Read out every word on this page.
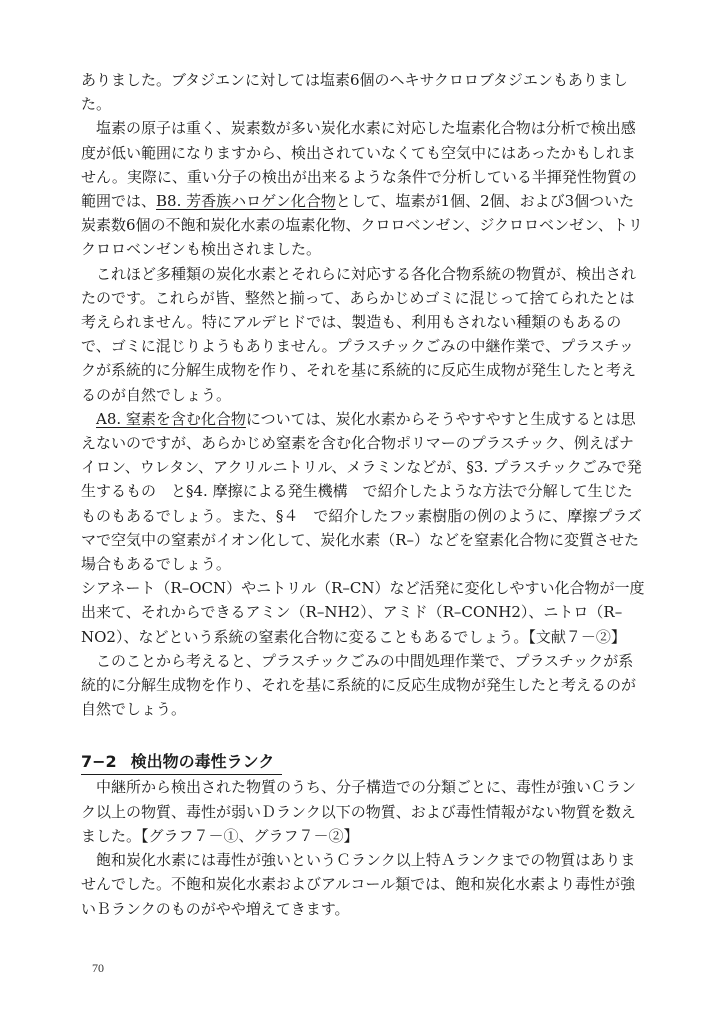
ありました。ブタジエンに対しては塩素6個のヘキサクロロブタジエンもありました。

塩素の原子は重く、炭素数が多い炭化水素に対応した塩素化合物は分析で検出感度が低い範囲になりますから、検出されていなくても空気中にはあったかもしれません。実際に、重い分子の検出が出来るような条件で分析している半揮発性物質の範囲では、B8. 芳香族ハロゲン化合物として、塩素が1個、2個、および3個ついた炭素数6個の不飽和炭化水素の塩素化物、クロロベンゼン、ジクロロベンゼン、トリクロロベンゼンも検出されました。

これほど多種類の炭化水素とそれらに対応する各化合物系統の物質が、検出されたのです。これらが皆、整然と揃って、あらかじめゴミに混じって捨てられたとは考えられません。特にアルデヒドでは、製造も、利用もされない種類のもあるので、ゴミに混じりようもありません。プラスチックごみの中継作業で、プラスチックが系統的に分解生成物を作り、それを基に系統的に反応生成物が発生したと考えるのが自然でしょう。

A8. 窒素を含む化合物については、炭化水素からそうやすやすと生成するとは思えないのですが、あらかじめ窒素を含む化合物ポリマーのプラスチック、例えばナイロン、ウレタン、アクリルニトリル、メラミンなどが、§3. プラスチックごみで発生するもの　と§4. 摩擦による発生機構　で紹介したような方法で分解して生じたものもあるでしょう。また、§４　で紹介したフッ素樹脂の例のように、摩擦プラズマで空気中の窒素がイオン化して、炭化水素（R–）などを窒素化合物に変質させた場合もあるでしょう。

シアネート（R–OCN）やニトリル（R–CN）など活発に変化しやすい化合物が一度出来て、それからできるアミン（R–NH2）、アミド（R–CONH2）、ニトロ（R–NO2）、などという系統の窒素化合物に変ることもあるでしょう。【文献７－②】

このことから考えると、プラスチックごみの中間処理作業で、プラスチックが系統的に分解生成物を作り、それを基に系統的に反応生成物が発生したと考えるのが自然でしょう。

7−2 検出物の毒性ランク

中継所から検出された物質のうち、分子構造での分類ごとに、毒性が強いＣランク以上の物質、毒性が弱いＤランク以下の物質、および毒性情報がない物質を数えました。【グラフ７－①、グラフ７－②】

飽和炭化水素には毒性が強いというＣランク以上特Ａランクまでの物質はありませんでした。不飽和炭化水素およびアルコール類では、飽和炭化水素より毒性が強いＢランクのものがやや増えてきます。

70
